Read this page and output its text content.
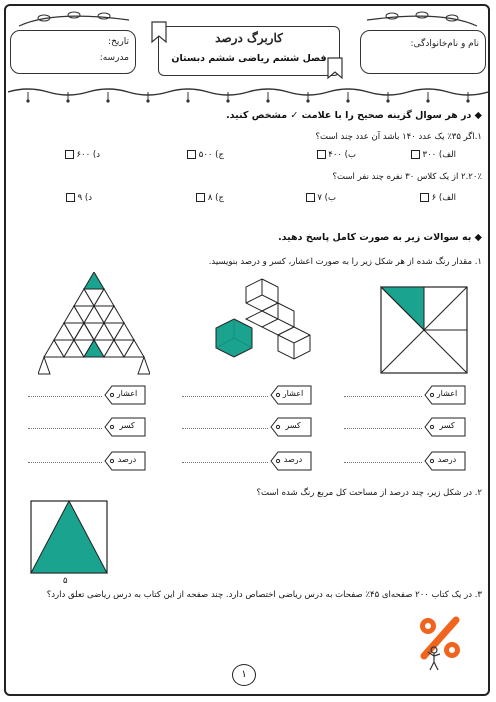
نام و نام‌خانوادگی:
تاریخ:
مدرسه:
کاربرگ درصد
فصل ششم ریاضی ششم دبستان
◆ در هر سوال گزینه صحیح را با علامت ✓ مشخص کنید.
۱.اگر ۳۵٪ یک عدد ۱۴۰ باشد آن عدد چند است؟
الف) ۳۰۰
ب) ۴۰۰
ج) ۵۰۰
د) ۶۰۰
۲.۲۰٪ از یک کلاس ۳۰ نفره چند نفر است؟
الف) ۶
ب) ۷
ج) ۸
د) ۹
◆ به سوالات زیر به صورت کامل پاسخ دهید.
۱. مقدار رنگ شده از هر شکل زیر را به صورت اعشار، کسر و درصد بنویسید.
اعشار
کسر
درصد
اعشار
کسر
درصد
اعشار
کسر
درصد
۲. در شکل زیر، چند درصد از مساحت کل مربع رنگ شده است؟
۵
۳. در یک کتاب ۲۰۰ صفحه‌ای ۴۵٪ صفحات به درس ریاضی اختصاص دارد. چند صفحه از این کتاب به درس ریاضی تعلق دارد؟
۱
